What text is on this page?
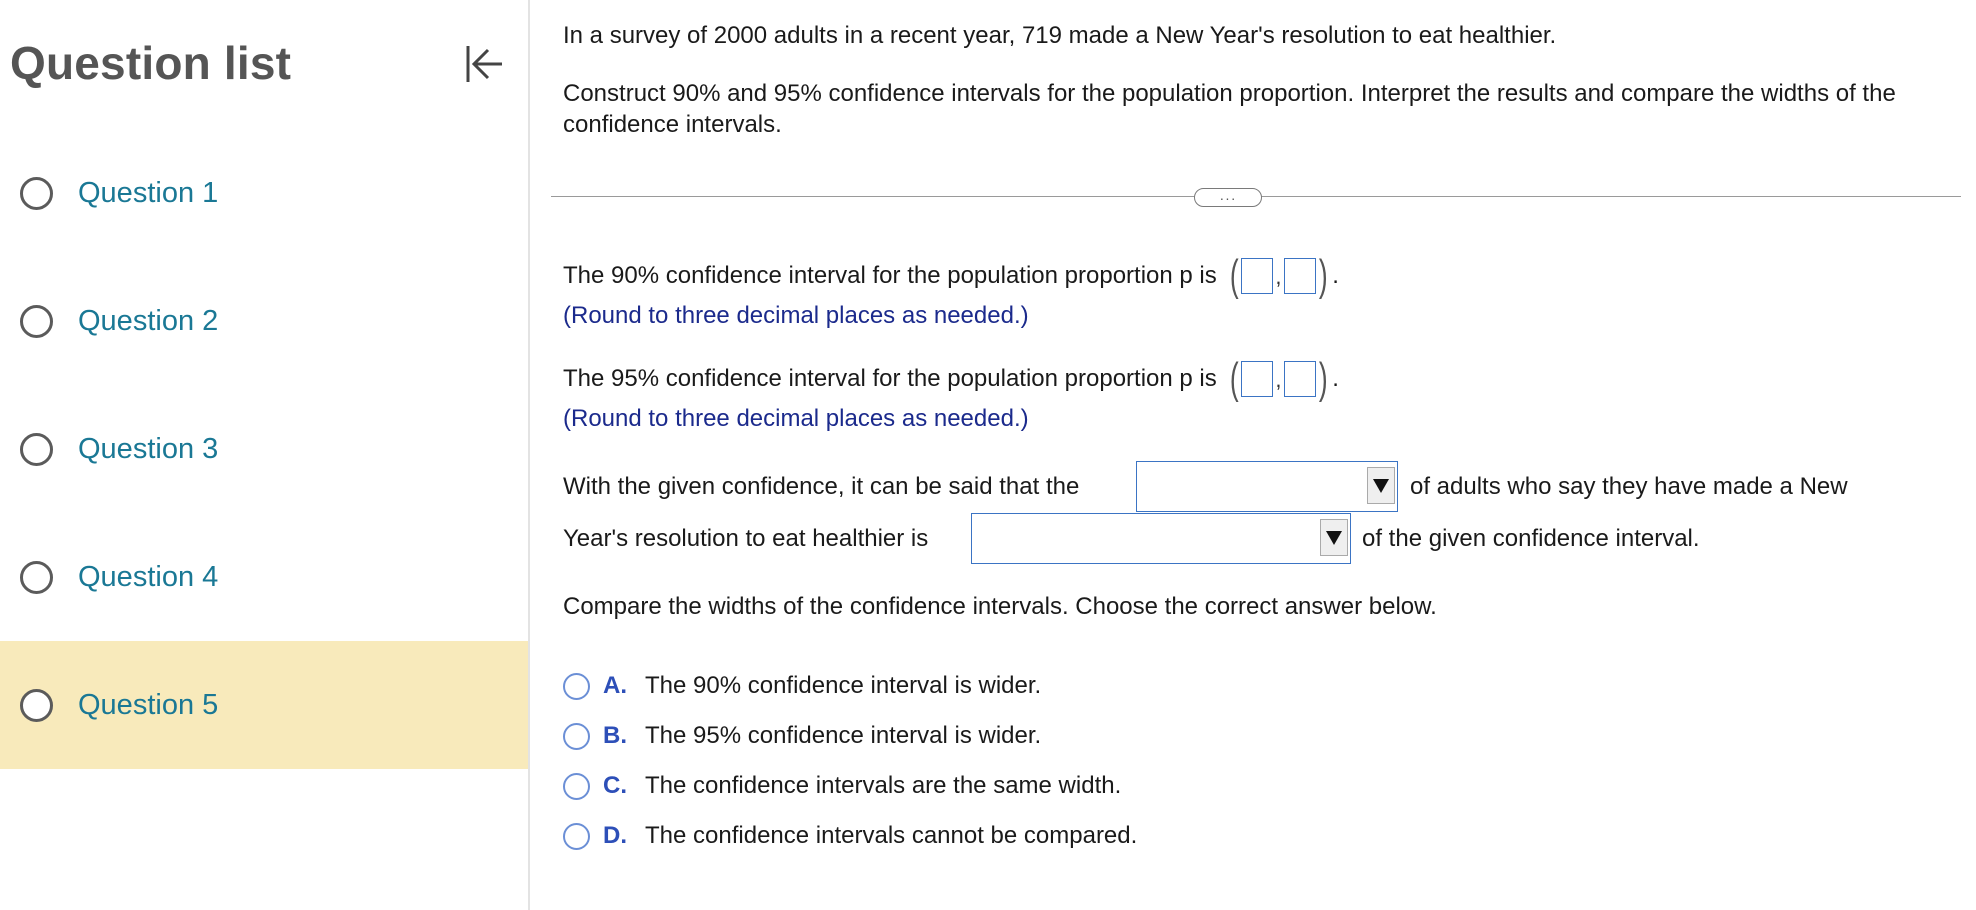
Question list
Question 1
Question 2
Question 3
Question 4
Question 5
In a survey of 2000 adults in a recent year, 719 made a New Year's resolution to eat healthier.
Construct 90% and 95% confidence intervals for the population proportion. Interpret the results and compare the widths of the confidence intervals.
···
The 90% confidence interval for the population proportion p is ( , ) .
(Round to three decimal places as needed.)
The 95% confidence interval for the population proportion p is ( , ) .
(Round to three decimal places as needed.)
With the given confidence, it can be said that the	of adults who say they have made a New
Year's resolution to eat healthier is	of the given confidence interval.
Compare the widths of the confidence intervals. Choose the correct answer below.
A. The 90% confidence interval is wider.
B. The 95% confidence interval is wider.
C. The confidence intervals are the same width.
D. The confidence intervals cannot be compared.
